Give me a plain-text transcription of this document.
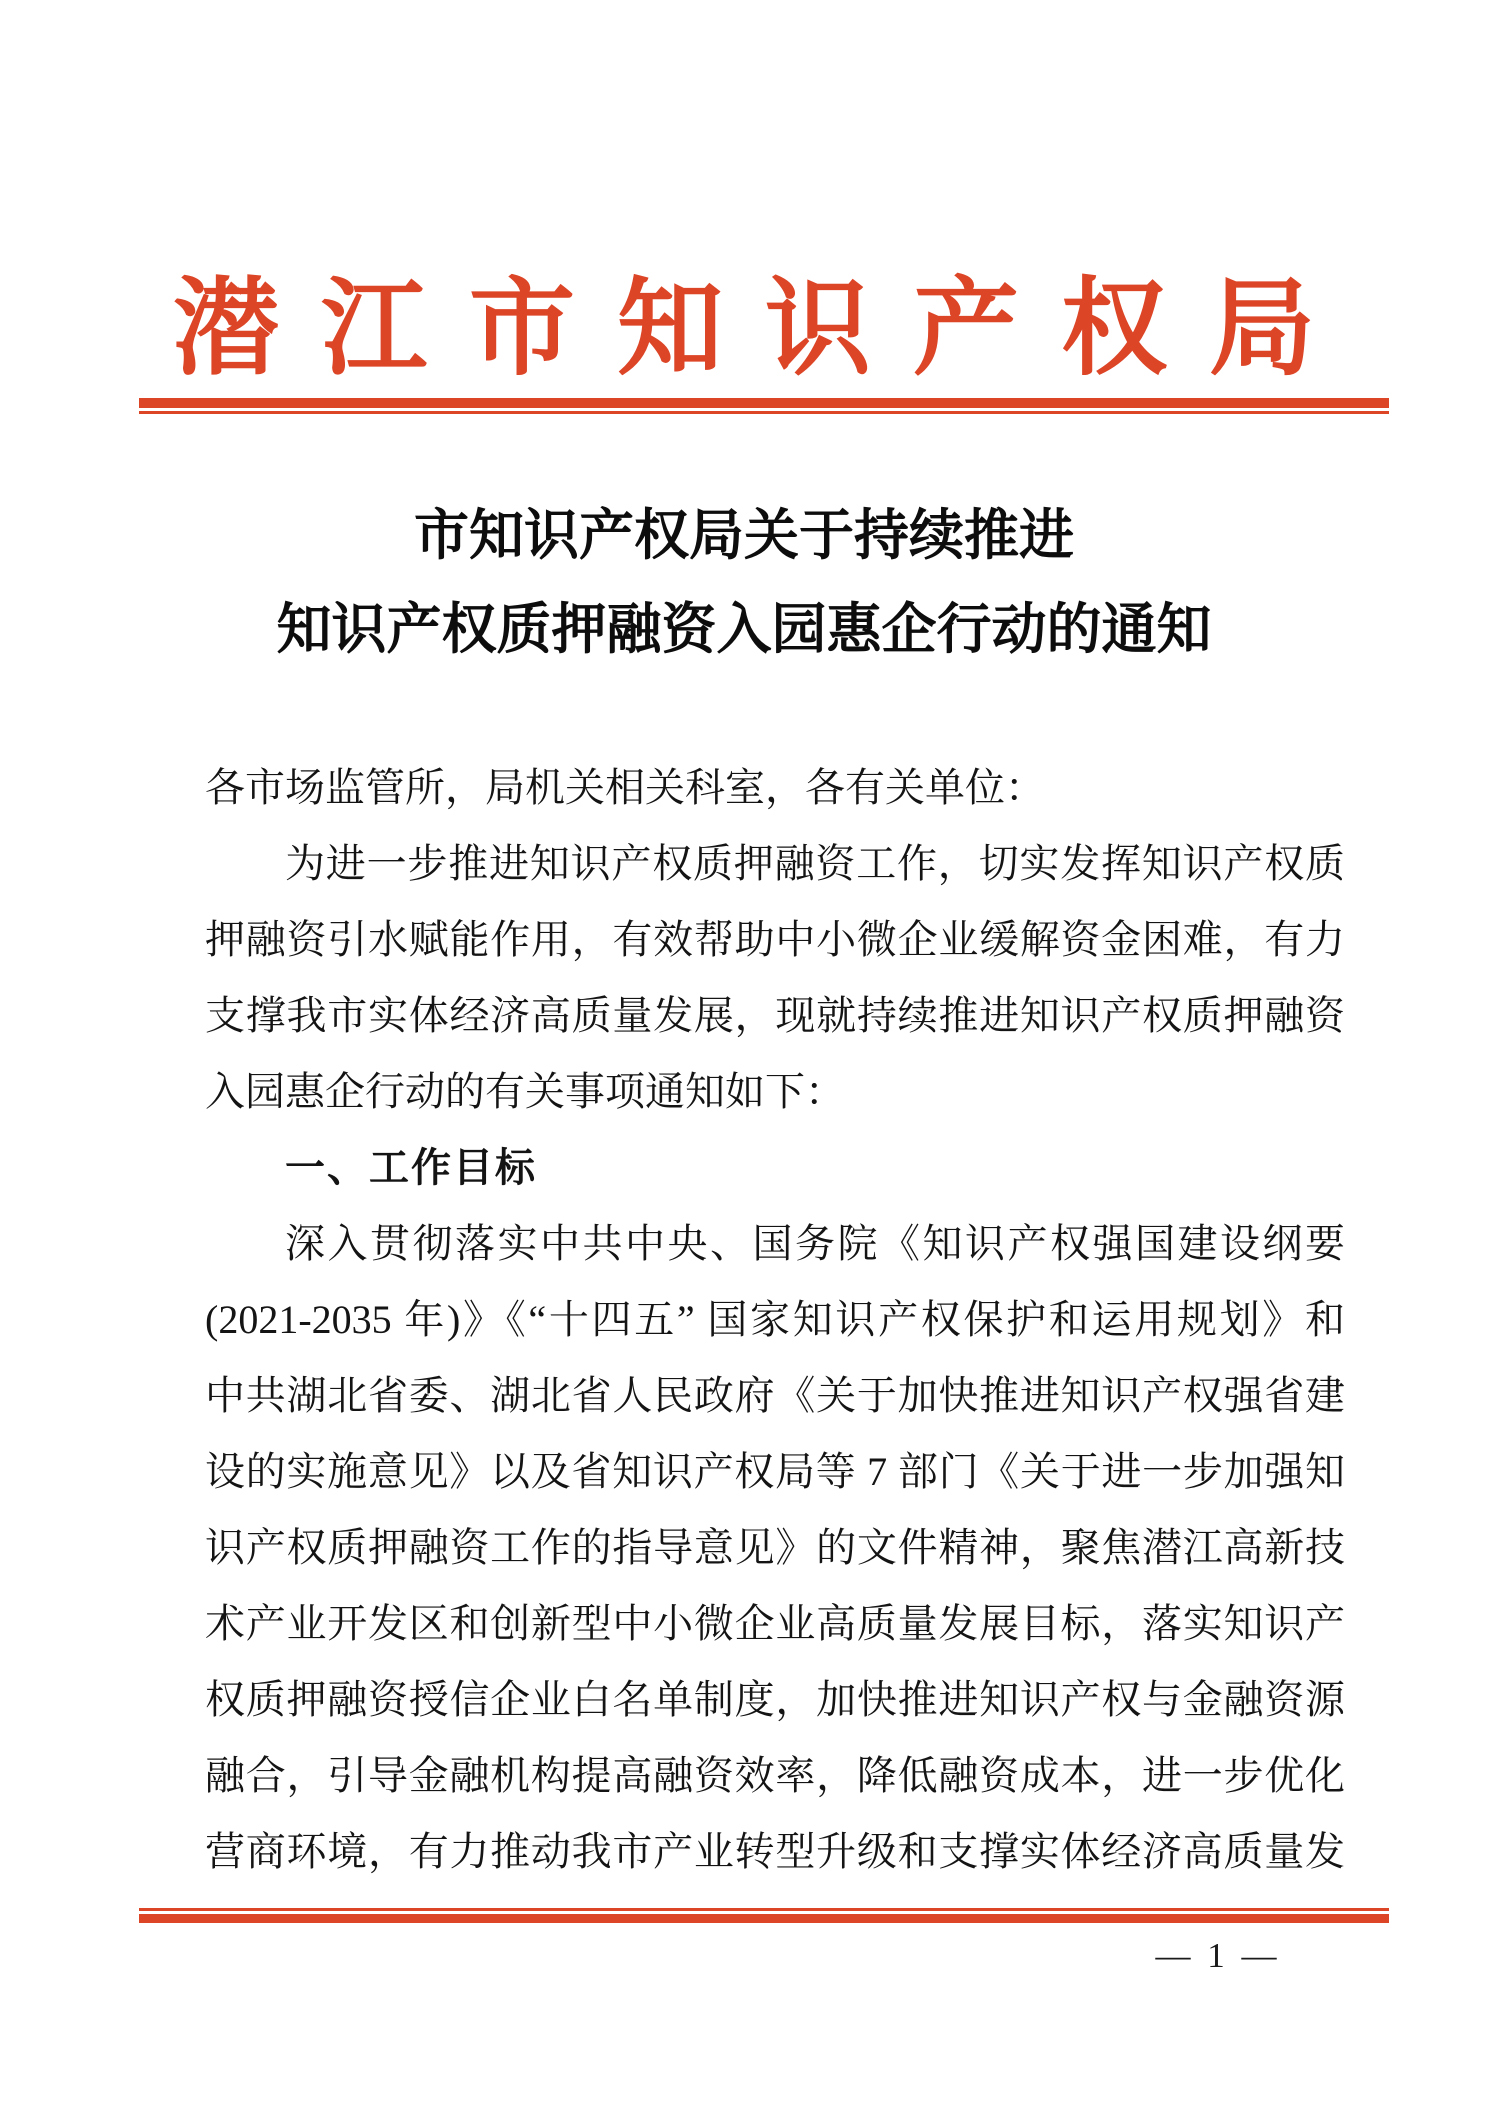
潜江市知识产权局
市知识产权局关于持续推进
知识产权质押融资入园惠企行动的通知
各市场监管所，局机关相关科室，各有关单位：
为进一步推进知识产权质押融资工作，切实发挥知识产权质
押融资引水赋能作用，有效帮助中小微企业缓解资金困难，有力
支撑我市实体经济高质量发展，现就持续推进知识产权质押融资
入园惠企行动的有关事项通知如下：
一、工作目标
深入贯彻落实中共中央、国务院《知识产权强国建设纲要
(2021-2035 年)》《“十四五” 国家知识产权保护和运用规划》和
中共湖北省委、湖北省人民政府《关于加快推进知识产权强省建
设的实施意见》以及省知识产权局等 7 部门《关于进一步加强知
识产权质押融资工作的指导意见》的文件精神，聚焦潜江高新技
术产业开发区和创新型中小微企业高质量发展目标，落实知识产
权质押融资授信企业白名单制度，加快推进知识产权与金融资源
融合，引导金融机构提高融资效率，降低融资成本，进一步优化
营商环境，有力推动我市产业转型升级和支撑实体经济高质量发
— 1 —
